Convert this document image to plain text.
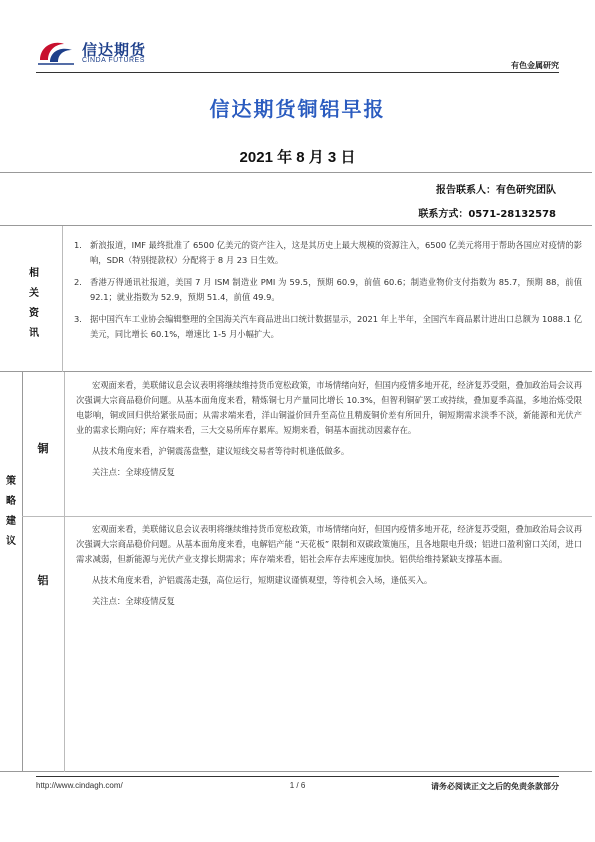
信达期货
CINDA FUTURES
有色金属研究
信达期货铜铝早报
2021 年 8 月 3 日
报告联系人：有色研究团队
联系方式：0571-28132578
相
关
资
讯
1. 新浪报道，IMF 最终批准了 6500 亿美元的资产注入，这是其历史上最大规模的资源注入，6500 亿美元将用于帮助各国应对疫情的影响，SDR（特别提款权）分配将于 8 月 23 日生效。
2. 香港万得通讯社报道，美国 7 月 ISM 制造业 PMI 为 59.5，预期 60.9，前值 60.6；制造业物价支付指数为 85.7，预期 88，前值 92.1；就业指数为 52.9，预期 51.4，前值 49.9。
3. 据中国汽车工业协会编辑整理的全国海关汽车商品进出口统计数据显示，2021 年上半年，全国汽车商品累计进出口总额为 1088.1 亿美元，同比增长 60.1%，增速比 1-5 月小幅扩大。
策
略
建
议
铜

宏观面来看，美联储议息会议表明将继续维持货币宽松政策，市场情绪向好，但国内疫情多地开花，经济复苏受阻，叠加政治局会议再次强调大宗商品稳价问题。从基本面角度来看，精炼铜七月产量同比增长 10.3%，但智利铜矿罢工或持续，叠加夏季高温，多地治炼受限电影响，铜或回归供给紧张局面；从需求端来看，洋山铜溢价回升至高位且精废铜价差有所回升，铜短期需求淡季不淡，新能源和光伏产业的需求长期向好；库存端来看，三大交易所库存累库。短期来看，铜基本面扰动因素存在。

从技术角度来看，沪铜震荡盘整，建议短线交易者等待时机逢低做多。

关注点：全球疫情反复

铝

宏观面来看，美联储议息会议表明将继续维持货币宽松政策，市场情绪向好，但国内疫情多地开花，经济复苏受阻，叠加政治局会议再次强调大宗商品稳价问题。从基本面角度来看，电解铝产能 “天花板” 限制和双碳政策施压，且各地限电升级；铝进口盈利窗口关闭，进口需求减弱，但新能源与光伏产业支撑长期需求；库存端来看，铝社会库存去库速度加快。铝供给维持紧缺支撑基本面。

从技术角度来看，沪铝震荡走强，高位运行，短期建议谨慎观望，等待机会入场，逢低买入。

关注点：全球疫情反复

http://www.cindagh.com/	1 / 6	请务必阅读正文之后的免责条款部分
